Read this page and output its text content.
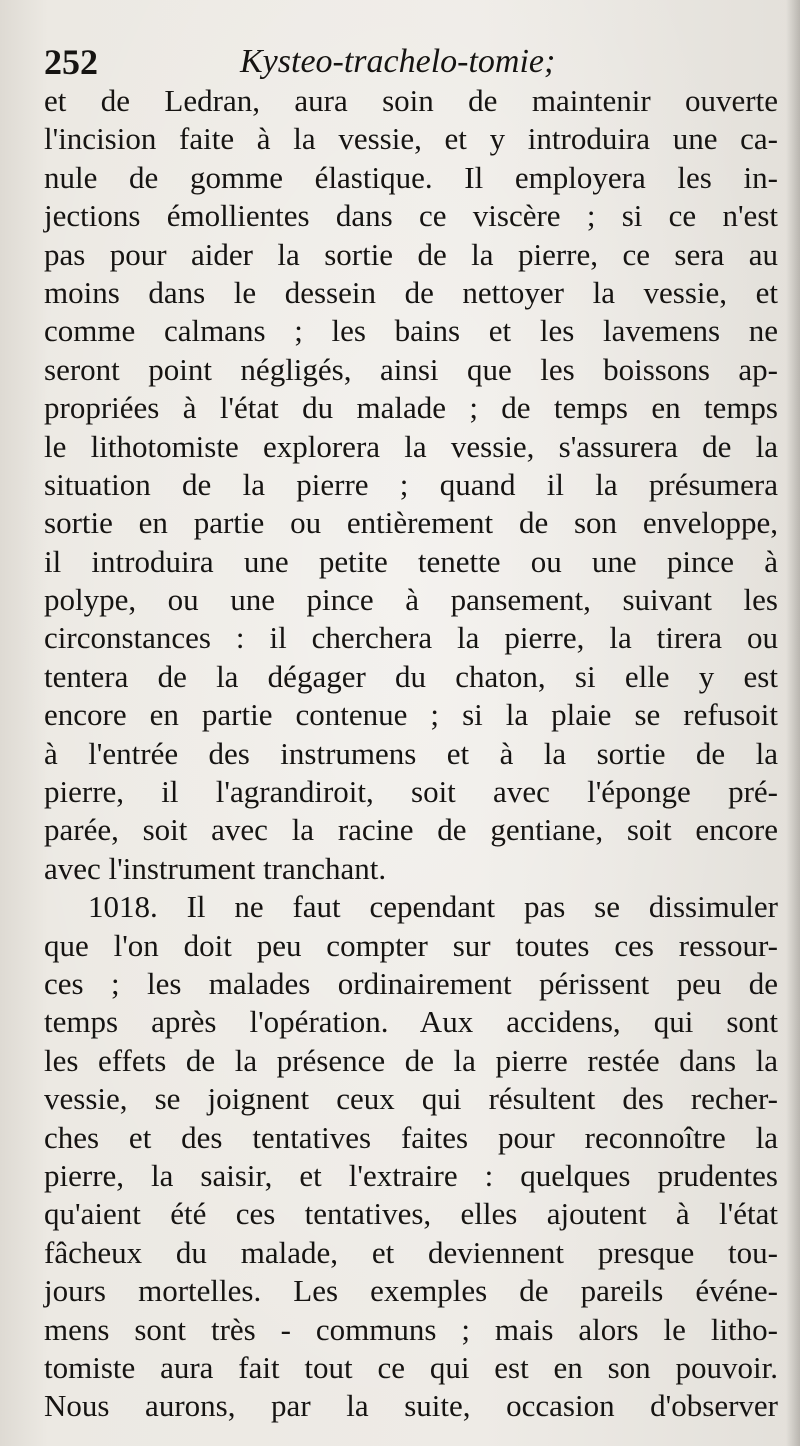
252	Kysteo-trachelo-tomie;
et de Ledran, aura soin de maintenir ouverte
l'incision faite à la vessie, et y introduira une ca-
nule de gomme élastique. Il employera les in-
jections émollientes dans ce viscère ; si ce n'est
pas pour aider la sortie de la pierre, ce sera au
moins dans le dessein de nettoyer la vessie, et
comme calmans ; les bains et les lavemens ne
seront point négligés, ainsi que les boissons ap-
propriées à l'état du malade ; de temps en temps
le lithotomiste explorera la vessie, s'assurera de la
situation de la pierre ; quand il la présumera
sortie en partie ou entièrement de son enveloppe,
il introduira une petite tenette ou une pince à
polype, ou une pince à pansement, suivant les
circonstances : il cherchera la pierre, la tirera ou
tentera de la dégager du chaton, si elle y est
encore en partie contenue ; si la plaie se refusoit
à l'entrée des instrumens et à la sortie de la
pierre, il l'agrandiroit, soit avec l'éponge pré-
parée, soit avec la racine de gentiane, soit encore
avec l'instrument tranchant.
1018. Il ne faut cependant pas se dissimuler
que l'on doit peu compter sur toutes ces ressour-
ces ; les malades ordinairement périssent peu de
temps après l'opération. Aux accidens, qui sont
les effets de la présence de la pierre restée dans la
vessie, se joignent ceux qui résultent des recher-
ches et des tentatives faites pour reconnoître la
pierre, la saisir, et l'extraire : quelques prudentes
qu'aient été ces tentatives, elles ajoutent à l'état
fâcheux du malade, et deviennent presque tou-
jours mortelles. Les exemples de pareils événe-
mens sont très - communs ; mais alors le litho-
tomiste aura fait tout ce qui est en son pouvoir.
Nous aurons, par la suite, occasion d'observer
